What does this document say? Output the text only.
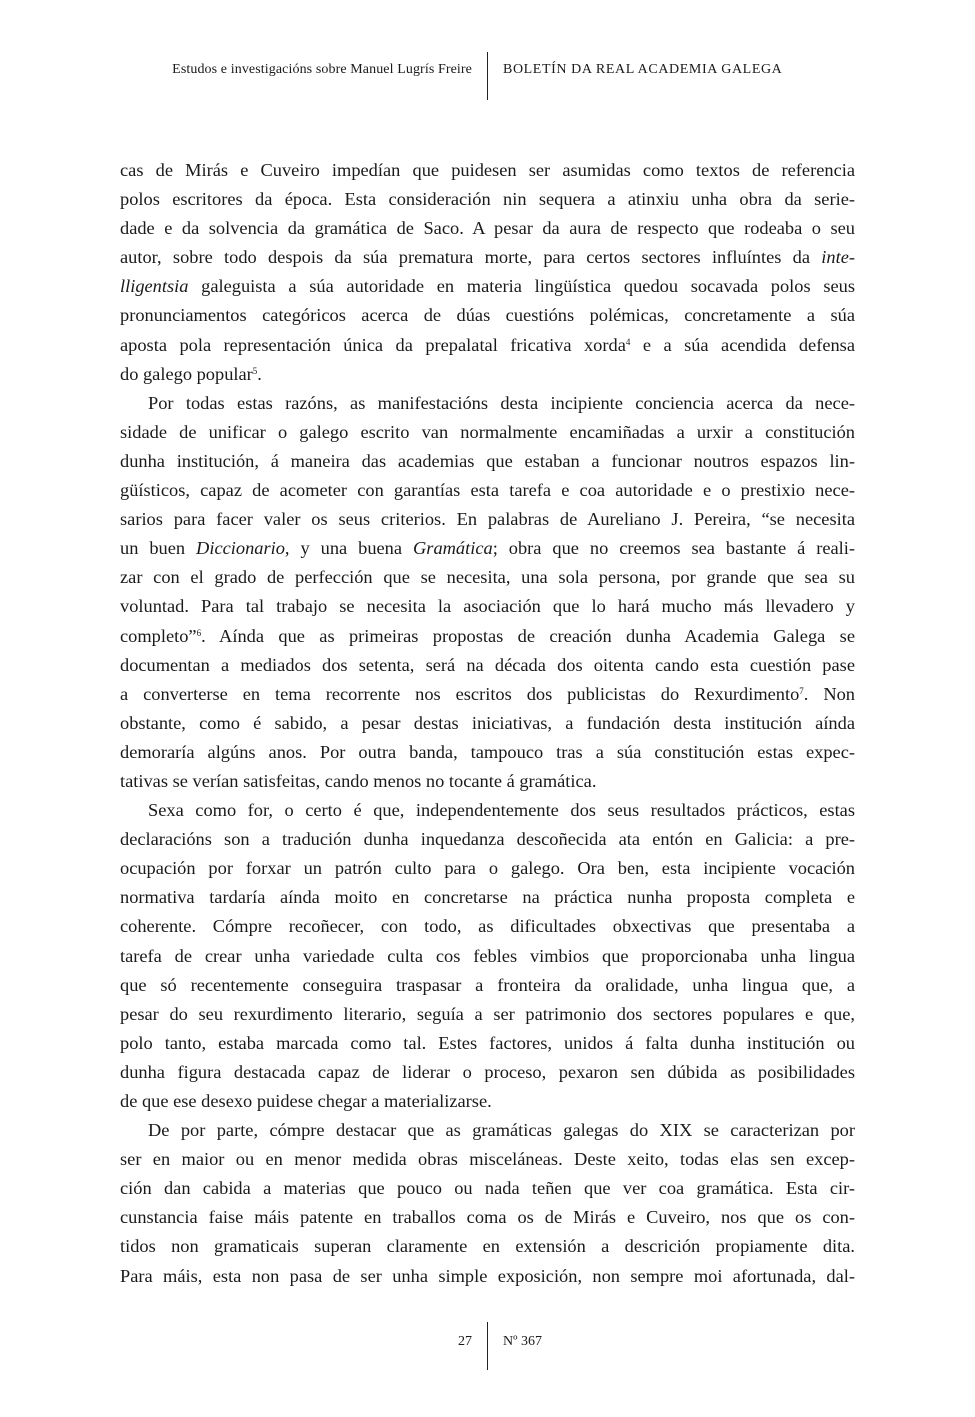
Estudos e investigacións sobre Manuel Lugrís Freire BOLETÍN DA REAL ACADEMIA GALEGA
cas de Mirás e Cuveiro impedían que puidesen ser asumidas como textos de referencia
polos escritores da época. Esta consideración nin sequera a atinxiu unha obra da serie-
dade e da solvencia da gramática de Saco. A pesar da aura de respecto que rodeaba o seu
autor, sobre todo despois da súa prematura morte, para certos sectores influíntes da inte-
lligentsia galeguista a súa autoridade en materia lingüística quedou socavada polos seus
pronunciamentos categóricos acerca de dúas cuestións polémicas, concretamente a súa
aposta pola representación única da prepalatal fricativa xorda$^4$ e a súa acendida defensa
do galego popular$^5$.
Por todas estas razóns, as manifestacións desta incipiente conciencia acerca da nece-
sidade de unificar o galego escrito van normalmente encamiñadas a urxir a constitución
dunha institución, á maneira das academias que estaban a funcionar noutros espazos lin-
güísticos, capaz de acometer con garantías esta tarefa e coa autoridade e o prestixio nece-
sarios para facer valer os seus criterios. En palabras de Aureliano J. Pereira, “se necesita
un buen Diccionario, y una buena Gramática; obra que no creemos sea bastante á reali-
zar con el grado de perfección que se necesita, una sola persona, por grande que sea su
voluntad. Para tal trabajo se necesita la asociación que lo hará mucho más llevadero y
completo”$^6$. Aínda que as primeiras propostas de creación dunha Academia Galega se
documentan a mediados dos setenta, será na década dos oitenta cando esta cuestión pase
a converterse en tema recorrente nos escritos dos publicistas do Rexurdimento$^7$. Non
obstante, como é sabido, a pesar destas iniciativas, a fundación desta institución aínda
demoraría algúns anos. Por outra banda, tampouco tras a súa constitución estas expec-
tativas se verían satisfeitas, cando menos no tocante á gramática.
Sexa como for, o certo é que, independentemente dos seus resultados prácticos, estas
declaracións son a tradución dunha inquedanza descoñecida ata entón en Galicia: a pre-
ocupación por forxar un patrón culto para o galego. Ora ben, esta incipiente vocación
normativa tardaría aínda moito en concretarse na práctica nunha proposta completa e
coherente. Cómpre recoñecer, con todo, as dificultades obxectivas que presentaba a
tarefa de crear unha variedade culta cos febles vimbios que proporcionaba unha lingua
que só recentemente conseguira traspasar a fronteira da oralidade, unha lingua que, a
pesar do seu rexurdimento literario, seguía a ser patrimonio dos sectores populares e que,
polo tanto, estaba marcada como tal. Estes factores, unidos á falta dunha institución ou
dunha figura destacada capaz de liderar o proceso, pexaron sen dúbida as posibilidades
de que ese desexo puidese chegar a materializarse.
De por parte, cómpre destacar que as gramáticas galegas do XIX se caracterizan por
ser en maior ou en menor medida obras misceláneas. Deste xeito, todas elas sen excep-
ción dan cabida a materias que pouco ou nada teñen que ver coa gramática. Esta cir-
cunstancia faise máis patente en traballos coma os de Mirás e Cuveiro, nos que os con-
tidos non gramaticais superan claramente en extensión a descrición propiamente dita.
Para máis, esta non pasa de ser unha simple exposición, non sempre moi afortunada, dal-
27 Nº 367
